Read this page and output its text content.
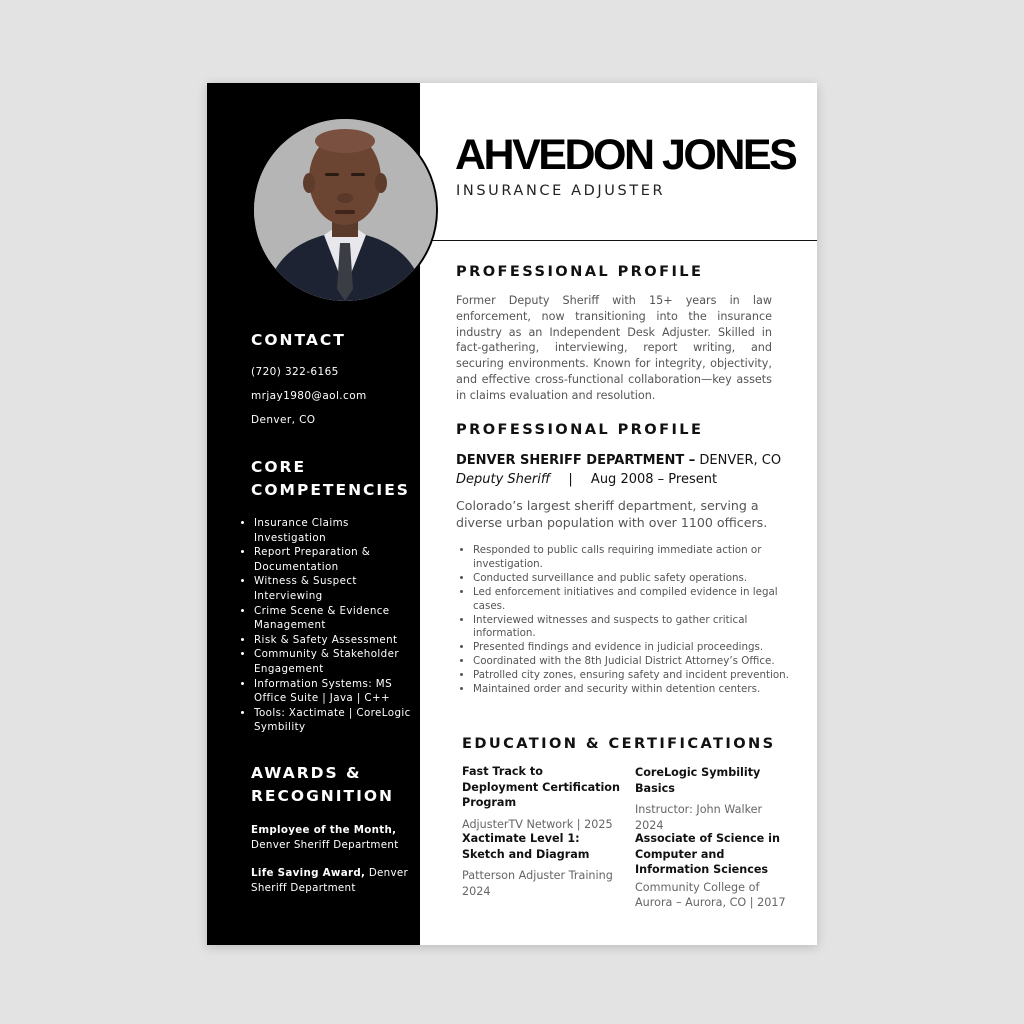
CONTACT
(720) 322-6165
mrjay1980@aol.com
Denver, CO
CORE
COMPETENCIES
• Insurance Claims Investigation
• Report Preparation & Documentation
• Witness & Suspect Interviewing
• Crime Scene & Evidence Management
• Risk & Safety Assessment
• Community & Stakeholder Engagement
• Information Systems: MS Office Suite | Java | C++
• Tools: Xactimate | CoreLogic Symbility
AWARDS &
RECOGNITION
Employee of the Month, Denver Sheriff Department
Life Saving Award, Denver Sheriff Department
AHVEDON JONES
INSURANCE ADJUSTER
PROFESSIONAL PROFILE

Former Deputy Sheriff with 15+ years in law enforcement, now transitioning into the insurance industry as an Independent Desk Adjuster. Skilled in fact-gathering, interviewing, report writing, and securing environments. Known for integrity, objectivity, and effective cross-functional collaboration—key assets in claims evaluation and resolution.

PROFESSIONAL PROFILE
DENVER SHERIFF DEPARTMENT – DENVER, CO
Deputy Sheriff | Aug 2008 – Present

Colorado’s largest sheriff department, serving a diverse urban population with over 1100 officers.

• Responded to public calls requiring immediate action or investigation.
• Conducted surveillance and public safety operations.
• Led enforcement initiatives and compiled evidence in legal cases.
• Interviewed witnesses and suspects to gather critical information.
• Presented findings and evidence in judicial proceedings.
• Coordinated with the 8th Judicial District Attorney’s Office.
• Patrolled city zones, ensuring safety and incident prevention.
• Maintained order and security within detention centers.
EDUCATION & CERTIFICATIONS
Fast Track to Deployment Certification Program
AdjusterTV Network | 2025
CoreLogic Symbility Basics
Instructor: John Walker 2024
Xactimate Level 1: Sketch and Diagram
Patterson Adjuster Training 2024
Associate of Science in Computer and Information Sciences
Community College of Aurora – Aurora, CO | 2017
